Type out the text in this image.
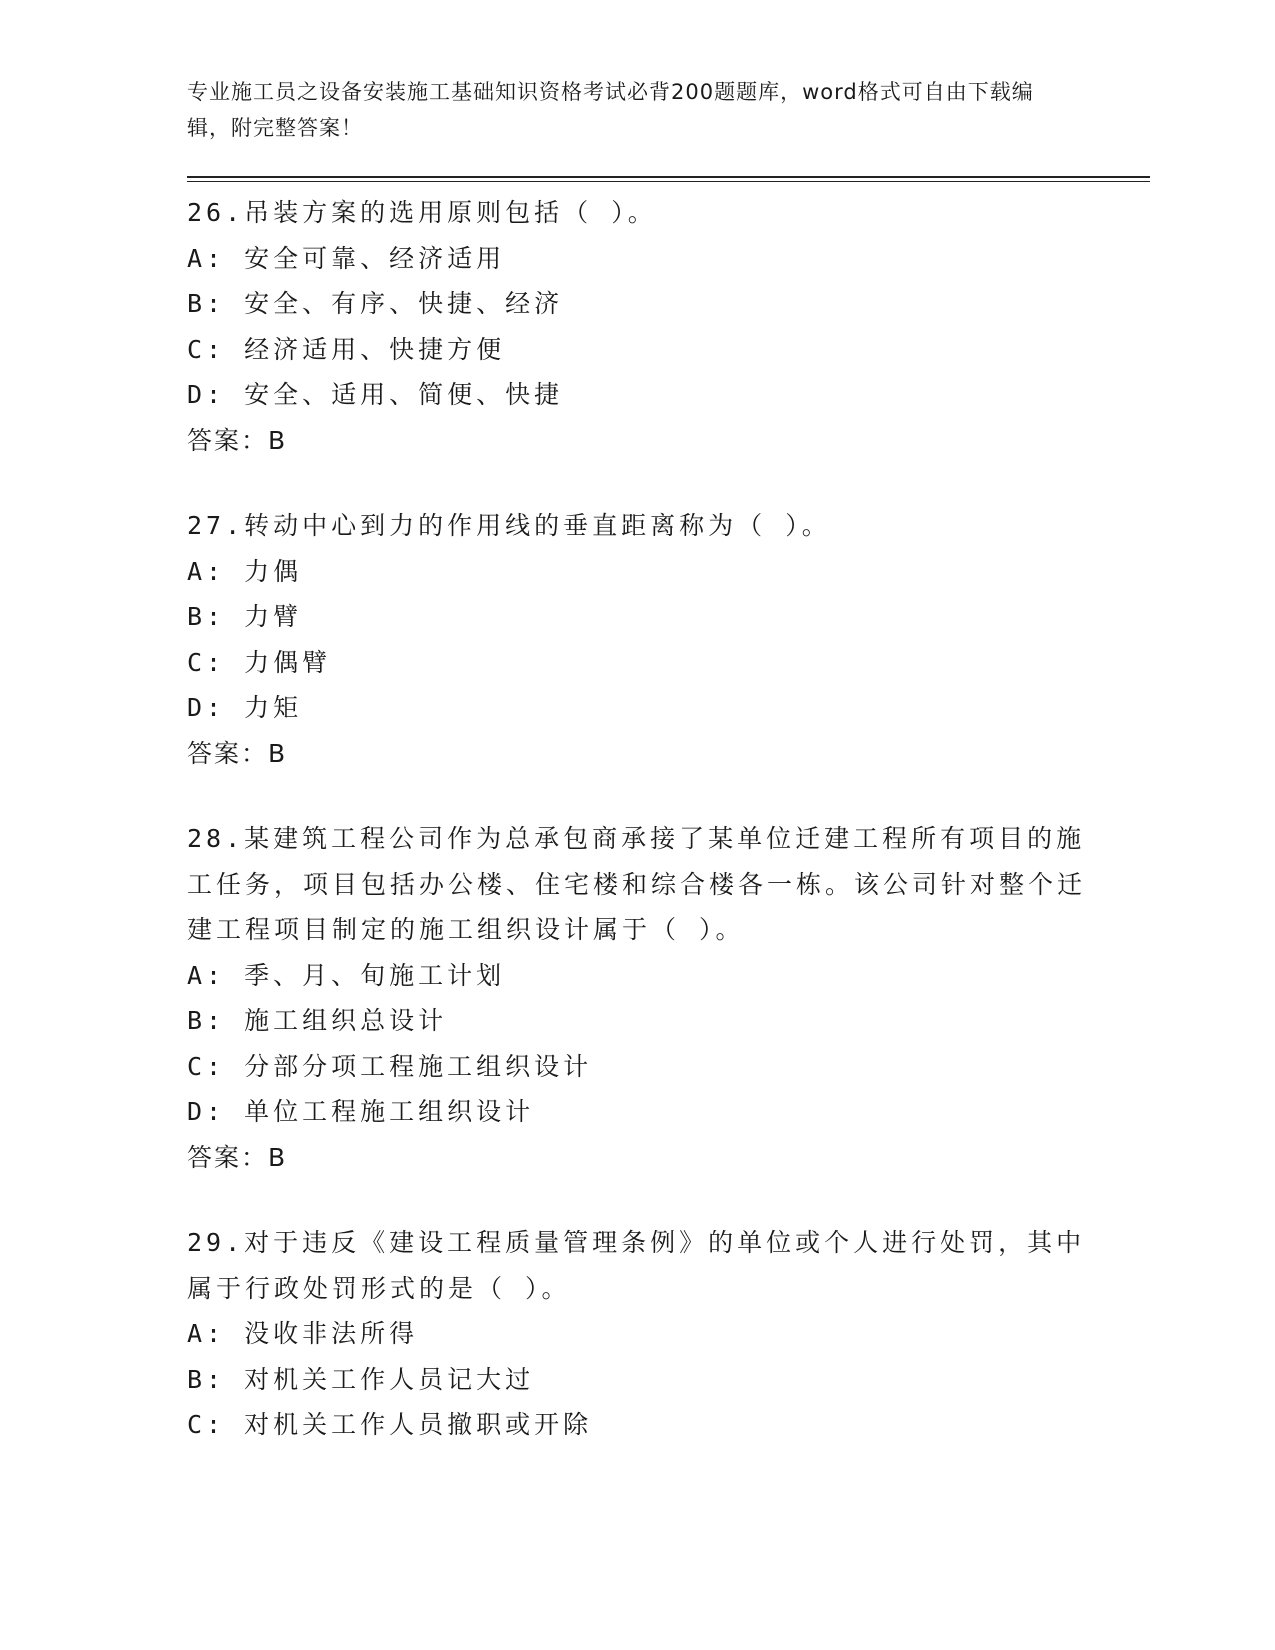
专业施工员之设备安装施工基础知识资格考试必背200题题库，word格式可自由下载编辑，附完整答案！
26.吊装方案的选用原则包括（ ）。
A: 安全可靠、经济适用
B: 安全、有序、快捷、经济
C: 经济适用、快捷方便
D: 安全、适用、简便、快捷
答案：B
27.转动中心到力的作用线的垂直距离称为（ ）。
A: 力偶
B: 力臂
C: 力偶臂
D: 力矩
答案：B
28.某建筑工程公司作为总承包商承接了某单位迁建工程所有项目的施工任务，项目包括办公楼、住宅楼和综合楼各一栋。该公司针对整个迁建工程项目制定的施工组织设计属于（ ）。
A: 季、月、旬施工计划
B: 施工组织总设计
C: 分部分项工程施工组织设计
D: 单位工程施工组织设计
答案：B
29.对于违反《建设工程质量管理条例》的单位或个人进行处罚，其中属于行政处罚形式的是（ ）。
A: 没收非法所得
B: 对机关工作人员记大过
C: 对机关工作人员撤职或开除
